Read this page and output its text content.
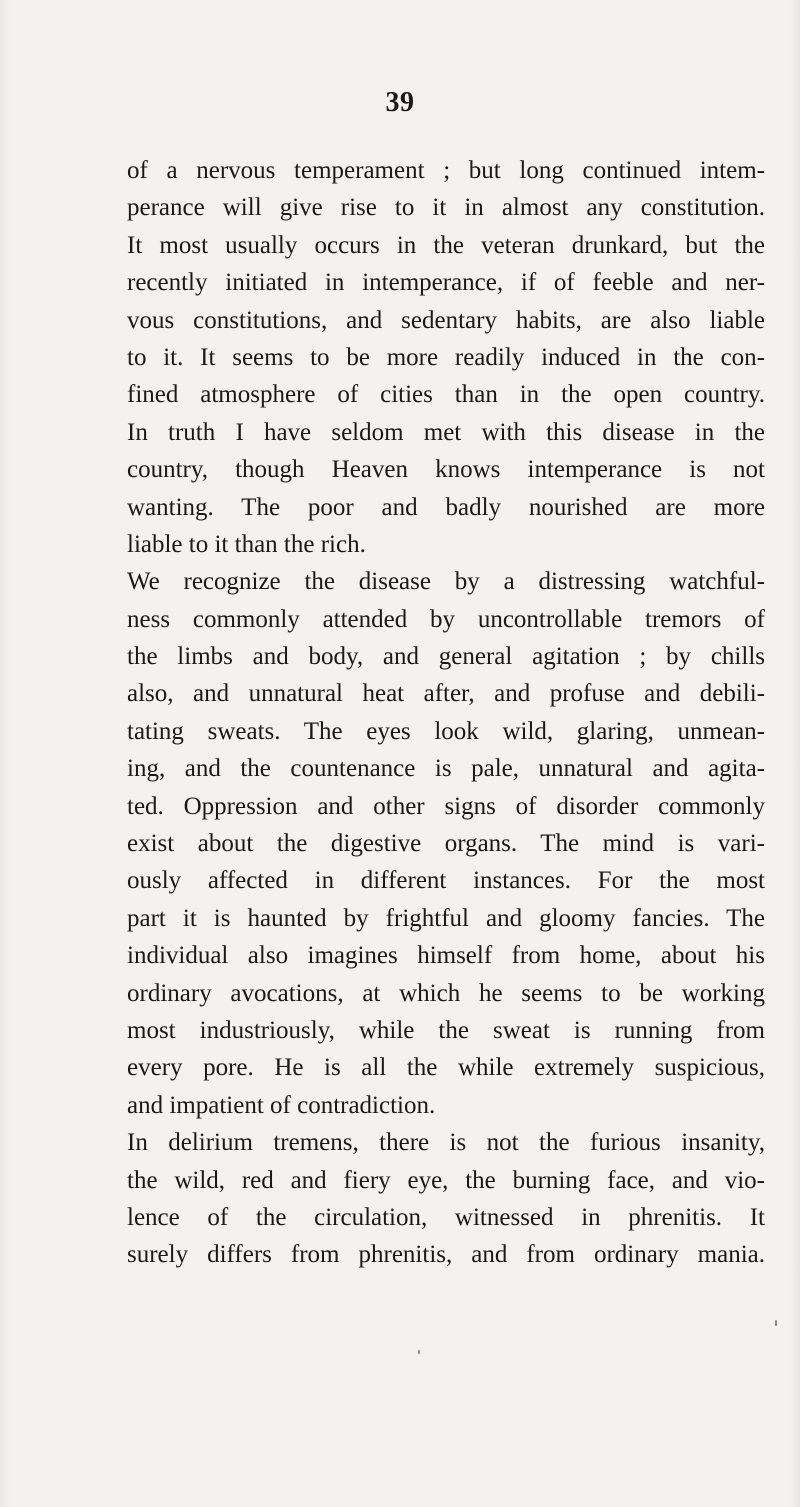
39
of a nervous temperament ; but long continued intem-
perance will give rise to it in almost any constitution.
It most usually occurs in the veteran drunkard, but the
recently initiated in intemperance, if of feeble and ner-
vous constitutions, and sedentary habits, are also liable
to it. It seems to be more readily induced in the con-
fined atmosphere of cities than in the open country.
In truth I have seldom met with this disease in the
country, though Heaven knows intemperance is not
wanting. The poor and badly nourished are more
liable to it than the rich.
We recognize the disease by a distressing watchful-
ness commonly attended by uncontrollable tremors of
the limbs and body, and general agitation ; by chills
also, and unnatural heat after, and profuse and debili-
tating sweats. The eyes look wild, glaring, unmean-
ing, and the countenance is pale, unnatural and agita-
ted. Oppression and other signs of disorder commonly
exist about the digestive organs. The mind is vari-
ously affected in different instances. For the most
part it is haunted by frightful and gloomy fancies. The
individual also imagines himself from home, about his
ordinary avocations, at which he seems to be working
most industriously, while the sweat is running from
every pore. He is all the while extremely suspicious,
and impatient of contradiction.
In delirium tremens, there is not the furious insanity,
the wild, red and fiery eye, the burning face, and vio-
lence of the circulation, witnessed in phrenitis. It
surely differs from phrenitis, and from ordinary mania.
